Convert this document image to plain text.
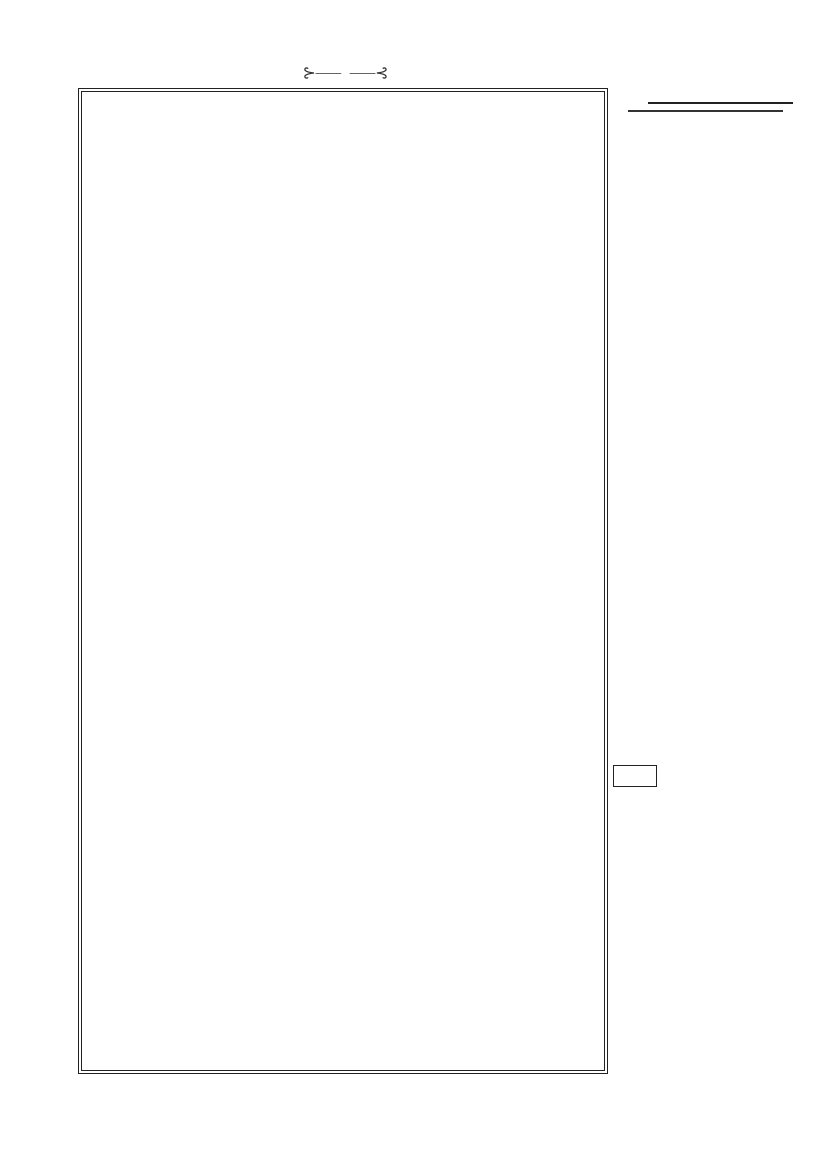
⊱⸺ ⸺⊰
